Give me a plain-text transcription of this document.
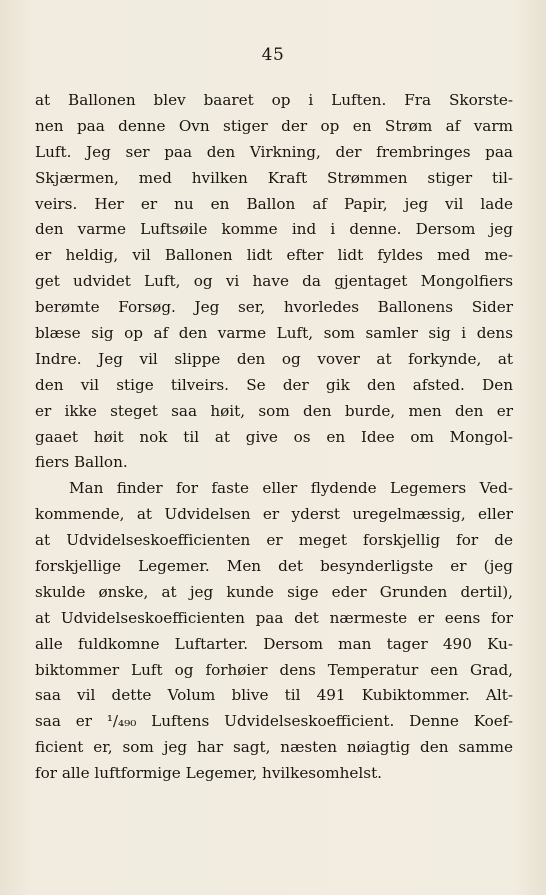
45
at Ballonen blev baaret op i Luften. Fra Skorste-
nen paa denne Ovn stiger der op en Strøm af varm
Luft. Jeg ser paa den Virkning, der frembringes paa
Skjærmen, med hvilken Kraft Strømmen stiger til-
veirs. Her er nu en Ballon af Papir, jeg vil lade
den varme Luftsøile komme ind i denne. Dersom jeg
er heldig, vil Ballonen lidt efter lidt fyldes med me-
get udvidet Luft, og vi have da gjentaget Mongolfiers
berømte Forsøg. Jeg ser, hvorledes Ballonens Sider
blæse sig op af den varme Luft, som samler sig i dens
Indre. Jeg vil slippe den og vover at forkynde, at
den vil stige tilveirs. Se der gik den afsted. Den
er ikke steget saa høit, som den burde, men den er
gaaet høit nok til at give os en Idee om Mongol-
fiers Ballon.
Man finder for faste eller flydende Legemers Ved-
kommende, at Udvidelsen er yderst uregelmæssig, eller
at Udvidelseskoefficienten er meget forskjellig for de
forskjellige Legemer. Men det besynderligste er (jeg
skulde ønske, at jeg kunde sige eder Grunden dertil),
at Udvidelseskoefficienten paa det nærmeste er eens for
alle fuldkomne Luftarter. Dersom man tager 490 Ku-
biktommer Luft og forhøier dens Temperatur een Grad,
saa vil dette Volum blive til 491 Kubiktommer. Alt-
saa er ¹/₄₉₀ Luftens Udvidelseskoefficient. Denne Koef-
ficient er, som jeg har sagt, næsten nøiagtig den samme
for alle luftformige Legemer, hvilkesomhelst.
